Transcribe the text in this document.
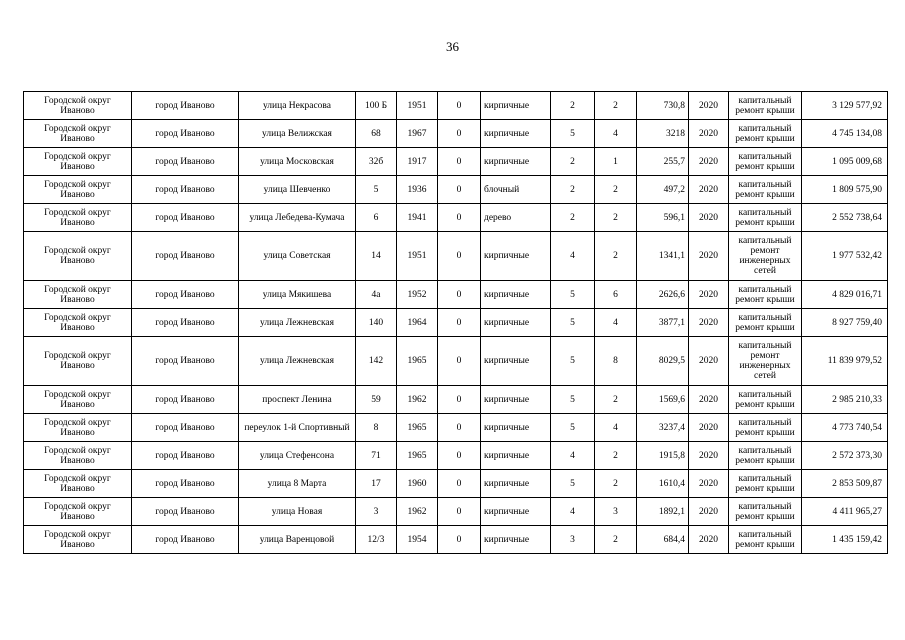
36
Городской округ Иваново	город Иваново	улица Некрасова	100 Б	1951	0	кирпичные	2	2	730,8	2020	капитальный ремонт крыши	3 129 577,92
Городской округ Иваново	город Иваново	улица Велижская	68	1967	0	кирпичные	5	4	3218	2020	капитальный ремонт крыши	4 745 134,08
Городской округ Иваново	город Иваново	улица Московская	32б	1917	0	кирпичные	2	1	255,7	2020	капитальный ремонт крыши	1 095 009,68
Городской округ Иваново	город Иваново	улица Шевченко	5	1936	0	блочный	2	2	497,2	2020	капитальный ремонт крыши	1 809 575,90
Городской округ Иваново	город Иваново	улица Лебедева-Кумача	6	1941	0	дерево	2	2	596,1	2020	капитальный ремонт крыши	2 552 738,64
Городской округ Иваново	город Иваново	улица Советская	14	1951	0	кирпичные	4	2	1341,1	2020	капитальный ремонт инженерных сетей	1 977 532,42
Городской округ Иваново	город Иваново	улица Мякишева	4а	1952	0	кирпичные	5	6	2626,6	2020	капитальный ремонт крыши	4 829 016,71
Городской округ Иваново	город Иваново	улица Лежневская	140	1964	0	кирпичные	5	4	3877,1	2020	капитальный ремонт крыши	8 927 759,40
Городской округ Иваново	город Иваново	улица Лежневская	142	1965	0	кирпичные	5	8	8029,5	2020	капитальный ремонт инженерных сетей	11 839 979,52
Городской округ Иваново	город Иваново	проспект Ленина	59	1962	0	кирпичные	5	2	1569,6	2020	капитальный ремонт крыши	2 985 210,33
Городской округ Иваново	город Иваново	переулок 1-й Спортивный	8	1965	0	кирпичные	5	4	3237,4	2020	капитальный ремонт крыши	4 773 740,54
Городской округ Иваново	город Иваново	улица Стефенсона	71	1965	0	кирпичные	4	2	1915,8	2020	капитальный ремонт крыши	2 572 373,30
Городской округ Иваново	город Иваново	улица 8 Марта	17	1960	0	кирпичные	5	2	1610,4	2020	капитальный ремонт крыши	2 853 509,87
Городской округ Иваново	город Иваново	улица Новая	3	1962	0	кирпичные	4	3	1892,1	2020	капитальный ремонт крыши	4 411 965,27
Городской округ Иваново	город Иваново	улица Варенцовой	12/3	1954	0	кирпичные	3	2	684,4	2020	капитальный ремонт крыши	1 435 159,42
